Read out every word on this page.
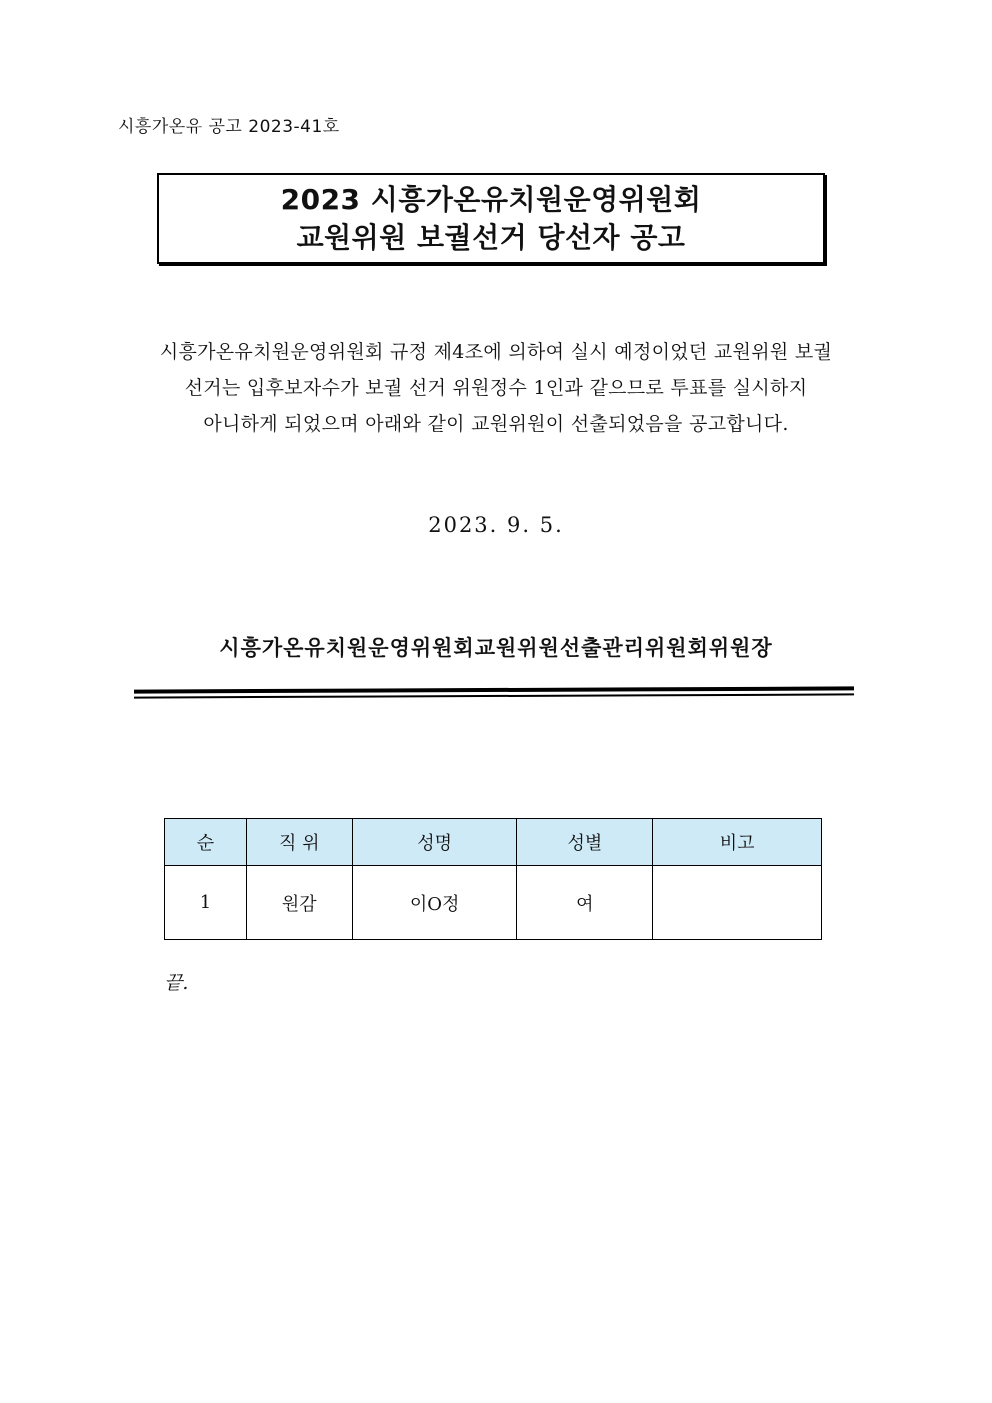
시흥가온유 공고 2023-41호
2023 시흥가온유치원운영위원회
교원위원 보궐선거 당선자 공고
시흥가온유치원운영위원회 규정 제4조에 의하여 실시 예정이었던 교원위원 보궐
선거는 입후보자수가 보궐 선거 위원정수 1인과 같으므로 투표를 실시하지
아니하게 되었으며 아래와 같이 교원위원이 선출되었음을 공고합니다.
2023. 9. 5.
시흥가온유치원운영위원회교원위원선출관리위원회위원장
순	직 위	성명	성별	비고
1	원감	이O정	여	
끝.
